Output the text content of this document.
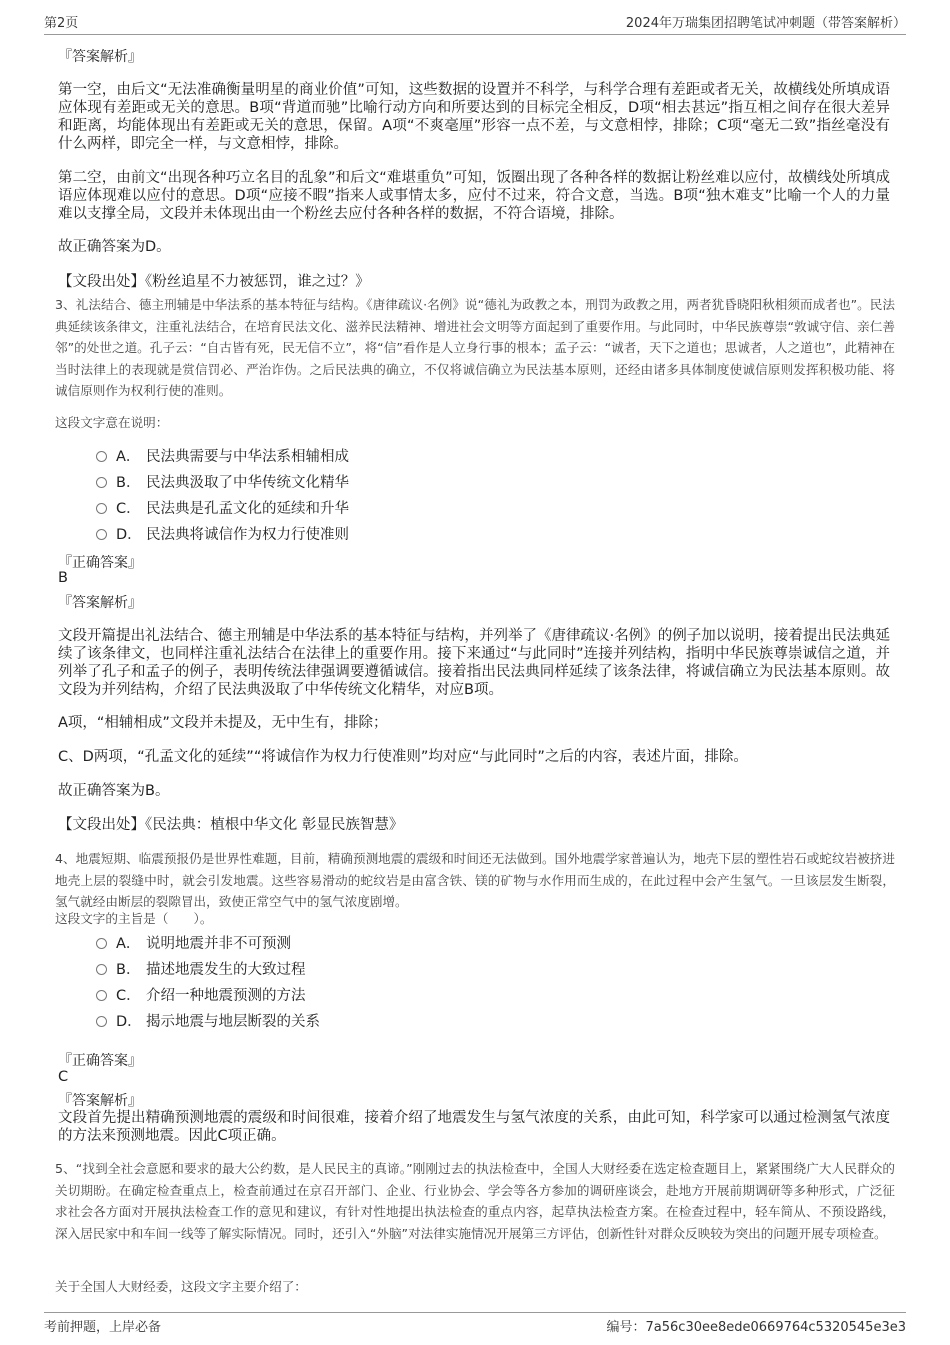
第2页	2024年万瑞集团招聘笔试冲刺题（带答案解析）
『答案解析』
第一空，由后文“无法准确衡量明星的商业价值”可知，这些数据的设置并不科学，与科学合理有差距或者无关，故横线处所填成语应体现有差距或无关的意思。B项“背道而驰”比喻行动方向和所要达到的目标完全相反，D项“相去甚远”指互相之间存在很大差异和距离，均能体现出有差距或无关的意思，保留。A项“不爽毫厘”形容一点不差，与文意相悖，排除；C项“毫无二致”指丝毫没有什么两样，即完全一样，与文意相悖，排除。
第二空，由前文“出现各种巧立名目的乱象”和后文“难堪重负”可知，饭圈出现了各种各样的数据让粉丝难以应付，故横线处所填成语应体现难以应付的意思。D项“应接不暇”指来人或事情太多，应付不过来，符合文意，当选。B项“独木难支”比喻一个人的力量难以支撑全局，文段并未体现出由一个粉丝去应付各种各样的数据，不符合语境，排除。
故正确答案为D。
【文段出处】《粉丝追星不力被惩罚，谁之过？》
3、礼法结合、德主刑辅是中华法系的基本特征与结构。《唐律疏议·名例》说“德礼为政教之本，刑罚为政教之用，两者犹昏晓阳秋相须而成者也”。民法典延续该条律文，注重礼法结合，在培育民法文化、滋养民法精神、增进社会文明等方面起到了重要作用。与此同时，中华民族尊崇“敦诚守信、亲仁善邻”的处世之道。孔子云：“自古皆有死，民无信不立”，将“信”看作是人立身行事的根本；孟子云：“诚者，天下之道也；思诚者，人之道也”，此精神在当时法律上的表现就是赏信罚必、严治诈伪。之后民法典的确立，不仅将诚信确立为民法基本原则，还经由诸多具体制度使诚信原则发挥积极功能、将诚信原则作为权利行使的准则。
这段文字意在说明：
A． 民法典需要与中华法系相辅相成
B． 民法典汲取了中华传统文化精华
C． 民法典是孔孟文化的延续和升华
D． 民法典将诚信作为权力行使准则
『正确答案』
B
『答案解析』
文段开篇提出礼法结合、德主刑辅是中华法系的基本特征与结构，并列举了《唐律疏议·名例》的例子加以说明，接着提出民法典延续了该条律文，也同样注重礼法结合在法律上的重要作用。接下来通过“与此同时”连接并列结构，指明中华民族尊崇诚信之道，并列举了孔子和孟子的例子，表明传统法律强调要遵循诚信。接着指出民法典同样延续了该条法律，将诚信确立为民法基本原则。故文段为并列结构，介绍了民法典汲取了中华传统文化精华，对应B项。
A项，“相辅相成”文段并未提及，无中生有，排除；
C、D两项，“孔孟文化的延续”“将诚信作为权力行使准则”均对应“与此同时”之后的内容，表述片面，排除。
故正确答案为B。
【文段出处】《民法典：植根中华文化 彰显民族智慧》
4、地震短期、临震预报仍是世界性难题，目前，精确预测地震的震级和时间还无法做到。国外地震学家普遍认为，地壳下层的塑性岩石或蛇纹岩被挤进地壳上层的裂缝中时，就会引发地震。这些容易滑动的蛇纹岩是由富含铁、镁的矿物与水作用而生成的，在此过程中会产生氢气。一旦该层发生断裂，氢气就经由断层的裂隙冒出，致使正常空气中的氢气浓度剧增。
这段文字的主旨是（　　）。
A． 说明地震并非不可预测
B． 描述地震发生的大致过程
C． 介绍一种地震预测的方法
D． 揭示地震与地层断裂的关系
『正确答案』
C
『答案解析』
文段首先提出精确预测地震的震级和时间很难，接着介绍了地震发生与氢气浓度的关系，由此可知，科学家可以通过检测氢气浓度的方法来预测地震。因此C项正确。
5、“找到全社会意愿和要求的最大公约数，是人民民主的真谛。”刚刚过去的执法检查中，全国人大财经委在选定检查题目上，紧紧围绕广大人民群众的关切期盼。在确定检查重点上，检查前通过在京召开部门、企业、行业协会、学会等各方参加的调研座谈会，赴地方开展前期调研等多种形式，广泛征求社会各方面对开展执法检查工作的意见和建议，有针对性地提出执法检查的重点内容，起草执法检查方案。在检查过程中，轻车简从、不预设路线，深入居民家中和车间一线等了解实际情况。同时，还引入“外脑”对法律实施情况开展第三方评估，创新性针对群众反映较为突出的问题开展专项检查。
关于全国人大财经委，这段文字主要介绍了：
考前押题，上岸必备	编号：7a56c30ee8ede0669764c5320545e3e3
